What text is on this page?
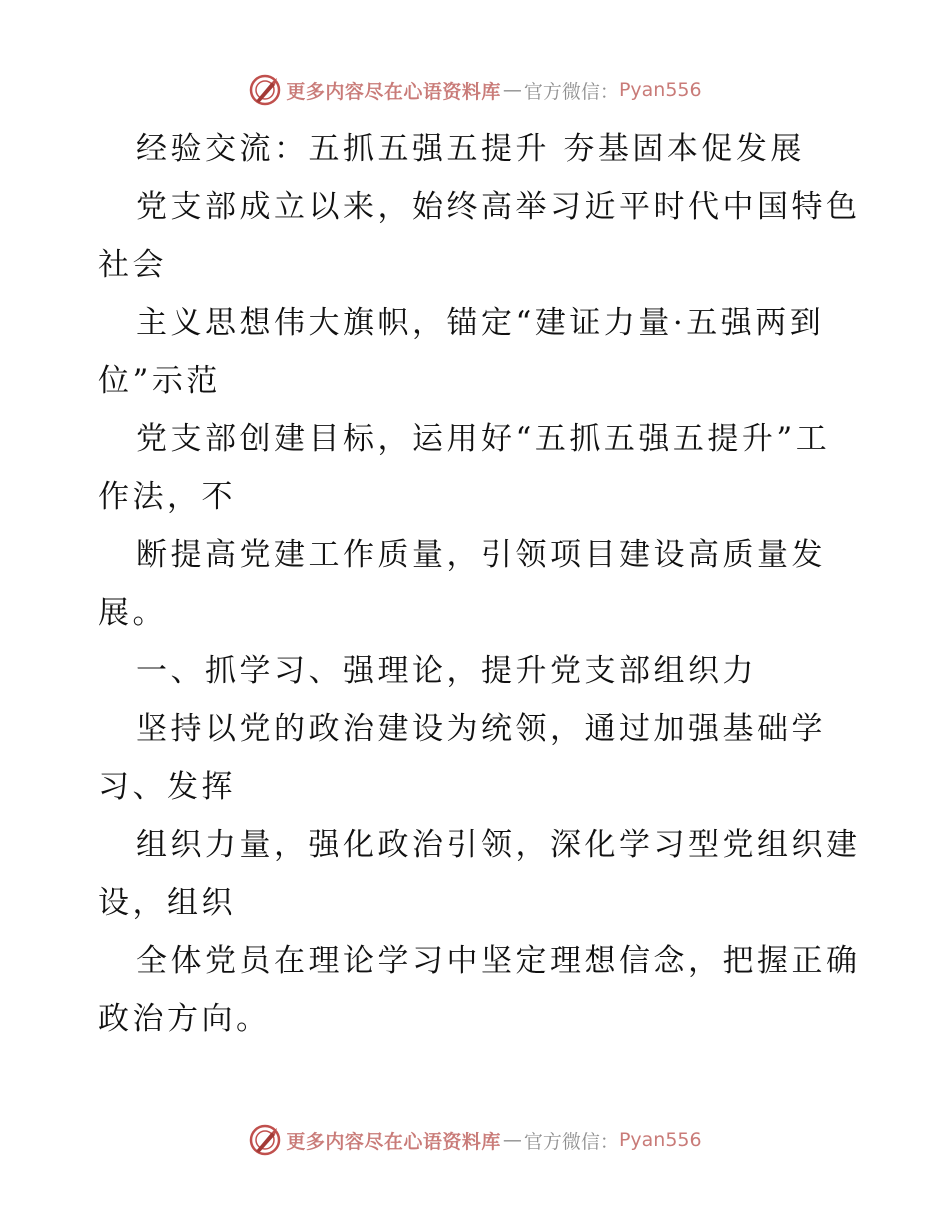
更多内容尽在心语资料库 — 官方微信： Pyan556

经验交流：五抓五强五提升 夯基固本促发展

党支部成立以来，始终高举习近平时代中国特色

社会

主义思想伟大旗帜，锚定“建证力量·五强两到

位”示范

党支部创建目标，运用好“五抓五强五提升”工

作法，不

断提高党建工作质量，引领项目建设高质量发

展。

一、抓学习、强理论，提升党支部组织力

坚持以党的政治建设为统领，通过加强基础学

习、发挥

组织力量，强化政治引领，深化学习型党组织建

设，组织

全体党员在理论学习中坚定理想信念，把握正确

政治方向。

更多内容尽在心语资料库 — 官方微信： Pyan556
